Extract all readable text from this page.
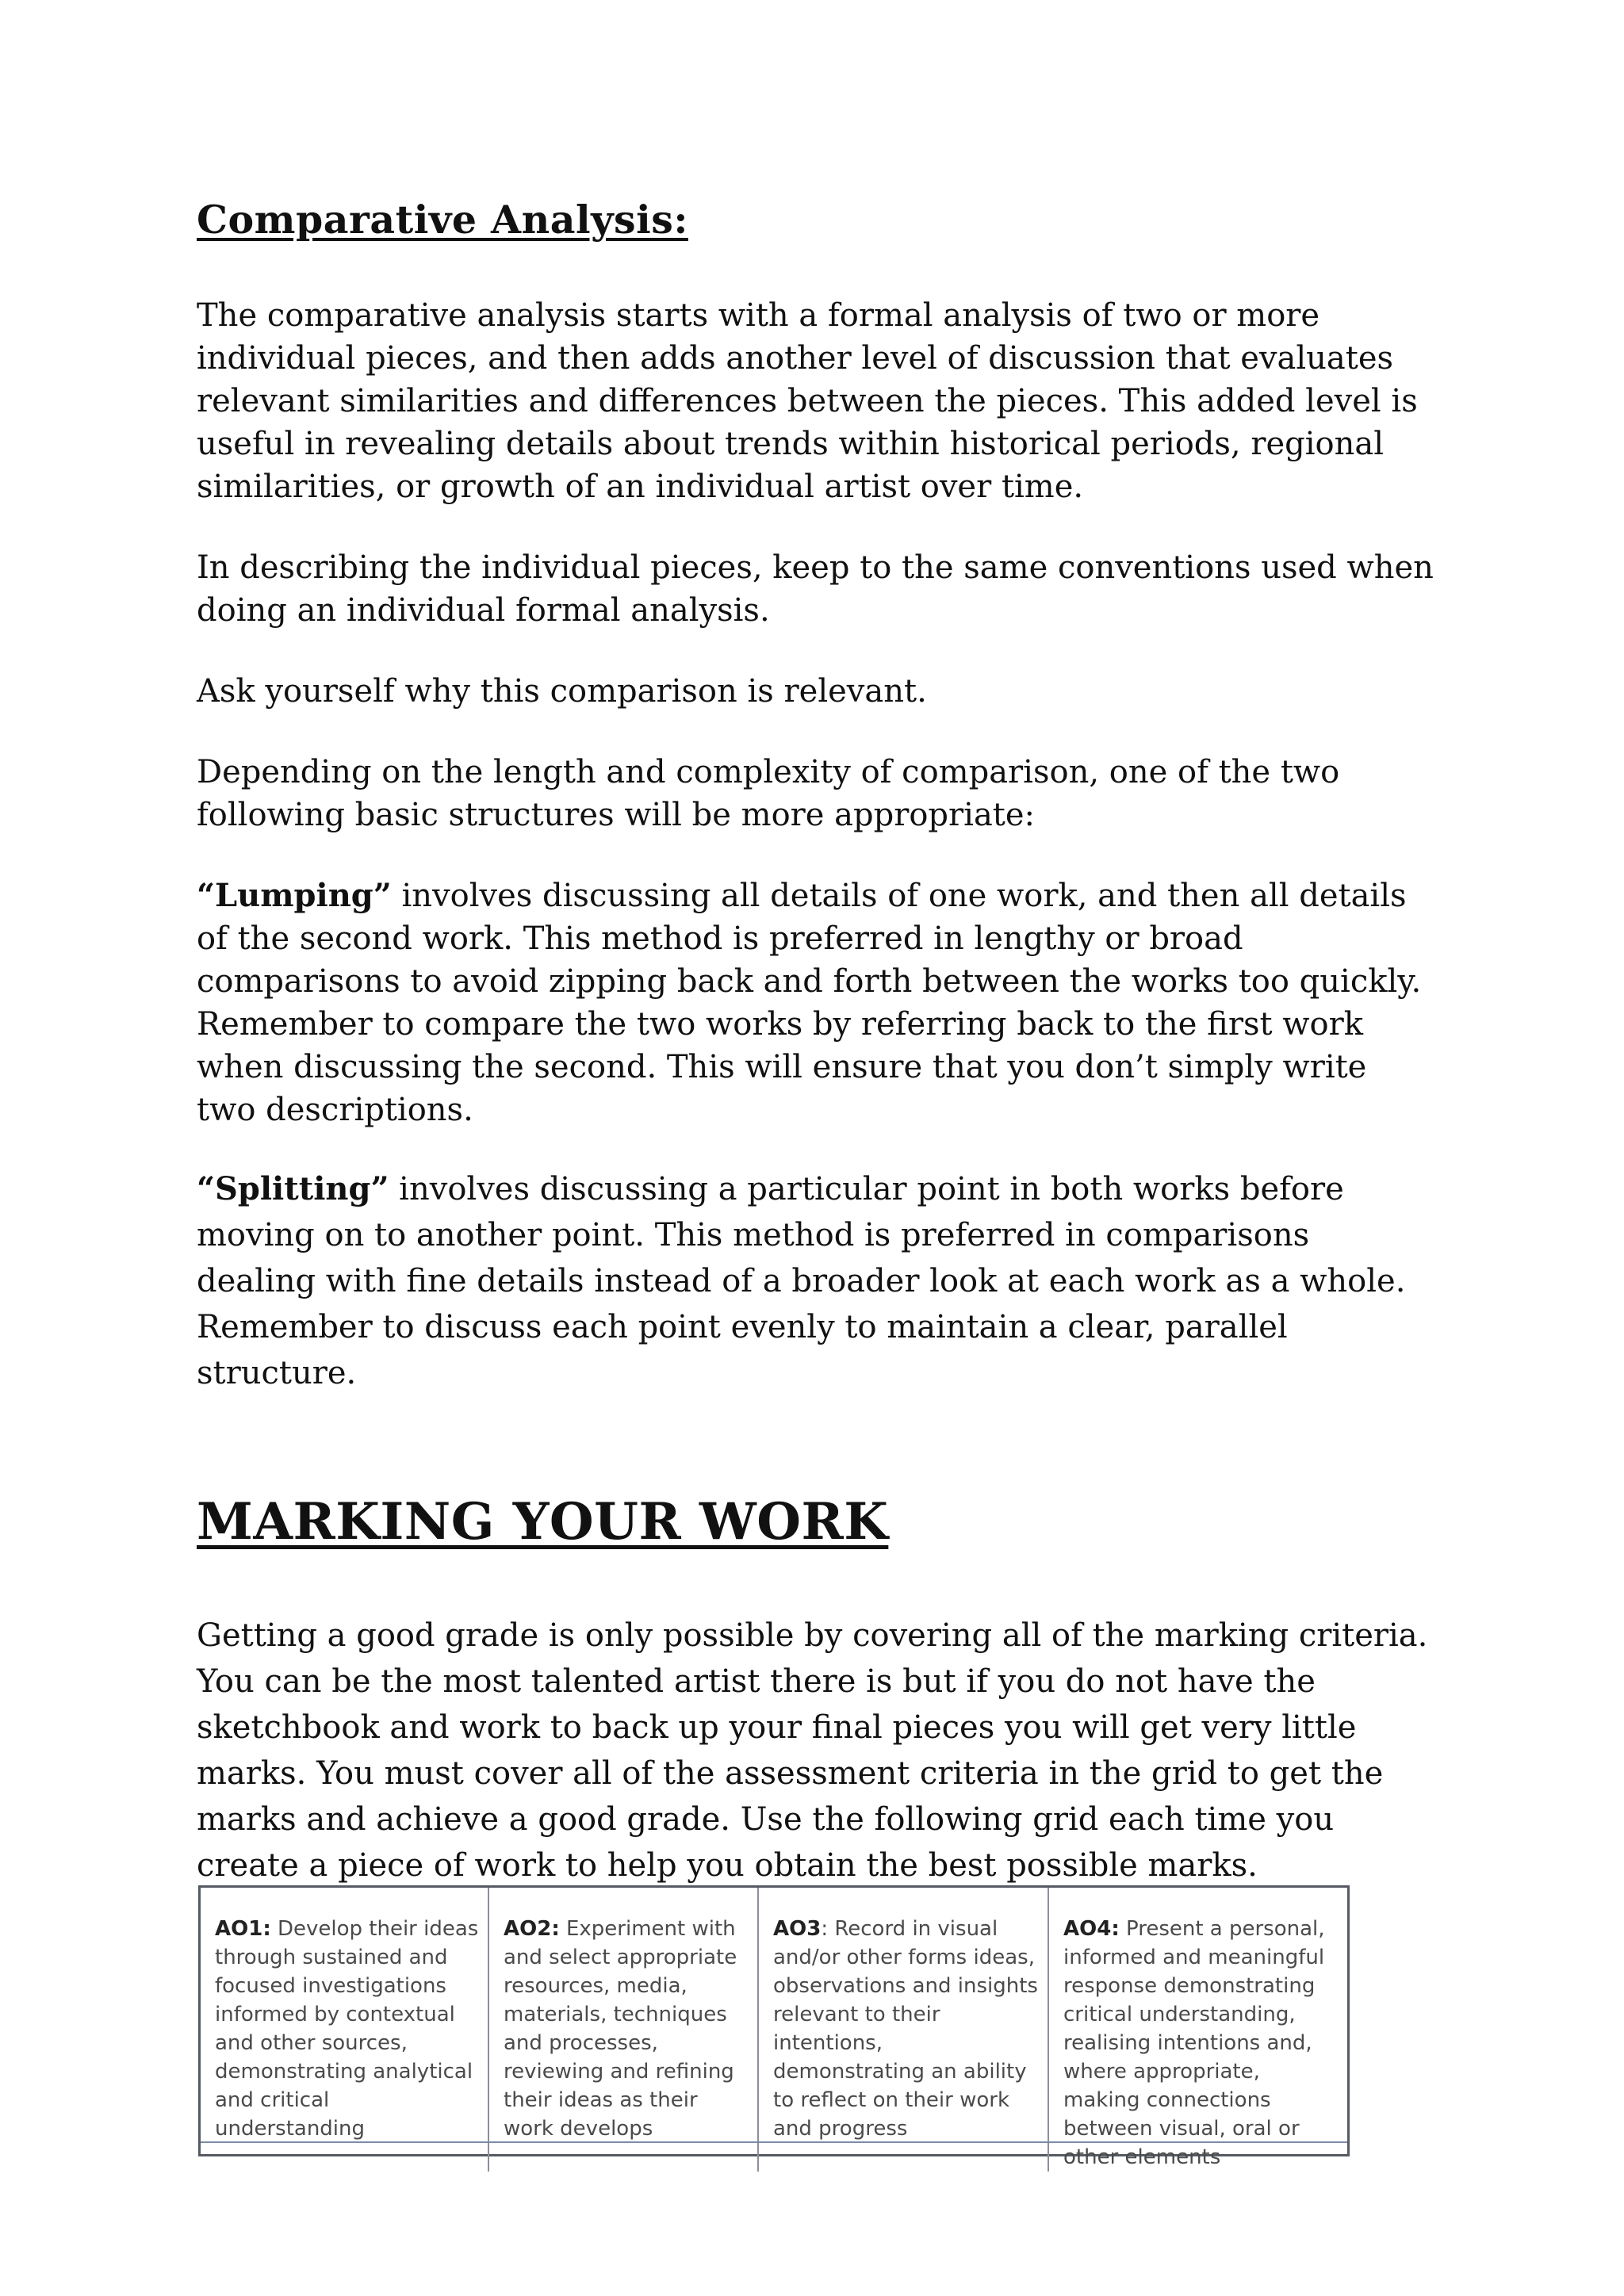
Comparative Analysis:

The comparative analysis starts with a formal analysis of two or more individual pieces, and then adds another level of discussion that evaluates relevant similarities and differences between the pieces. This added level is useful in revealing details about trends within historical periods, regional similarities, or growth of an individual artist over time.

In describing the individual pieces, keep to the same conventions used when doing an individual formal analysis.

Ask yourself why this comparison is relevant.

Depending on the length and complexity of comparison, one of the two following basic structures will be more appropriate:

“Lumping” involves discussing all details of one work, and then all details of the second work. This method is preferred in lengthy or broad comparisons to avoid zipping back and forth between the works too quickly. Remember to compare the two works by referring back to the first work when discussing the second. This will ensure that you don’t simply write two descriptions.

“Splitting” involves discussing a particular point in both works before moving on to another point. This method is preferred in comparisons dealing with fine details instead of a broader look at each work as a whole. Remember to discuss each point evenly to maintain a clear, parallel structure.

MARKING YOUR WORK

Getting a good grade is only possible by covering all of the marking criteria. You can be the most talented artist there is but if you do not have the sketchbook and work to back up your final pieces you will get very little marks. You must cover all of the assessment criteria in the grid to get the marks and achieve a good grade. Use the following grid each time you create a piece of work to help you obtain the best possible marks.

AO1: Develop their ideas through sustained and focused investigations informed by contextual and other sources, demonstrating analytical and critical understanding
AO2: Experiment with and select appropriate resources, media, materials, techniques and processes, reviewing and refining their ideas as their work develops
AO3: Record in visual and/or other forms ideas, observations and insights relevant to their intentions, demonstrating an ability to reflect on their work and progress
AO4: Present a personal, informed and meaningful response demonstrating critical understanding, realising intentions and, where appropriate, making connections between visual, oral or other elements
